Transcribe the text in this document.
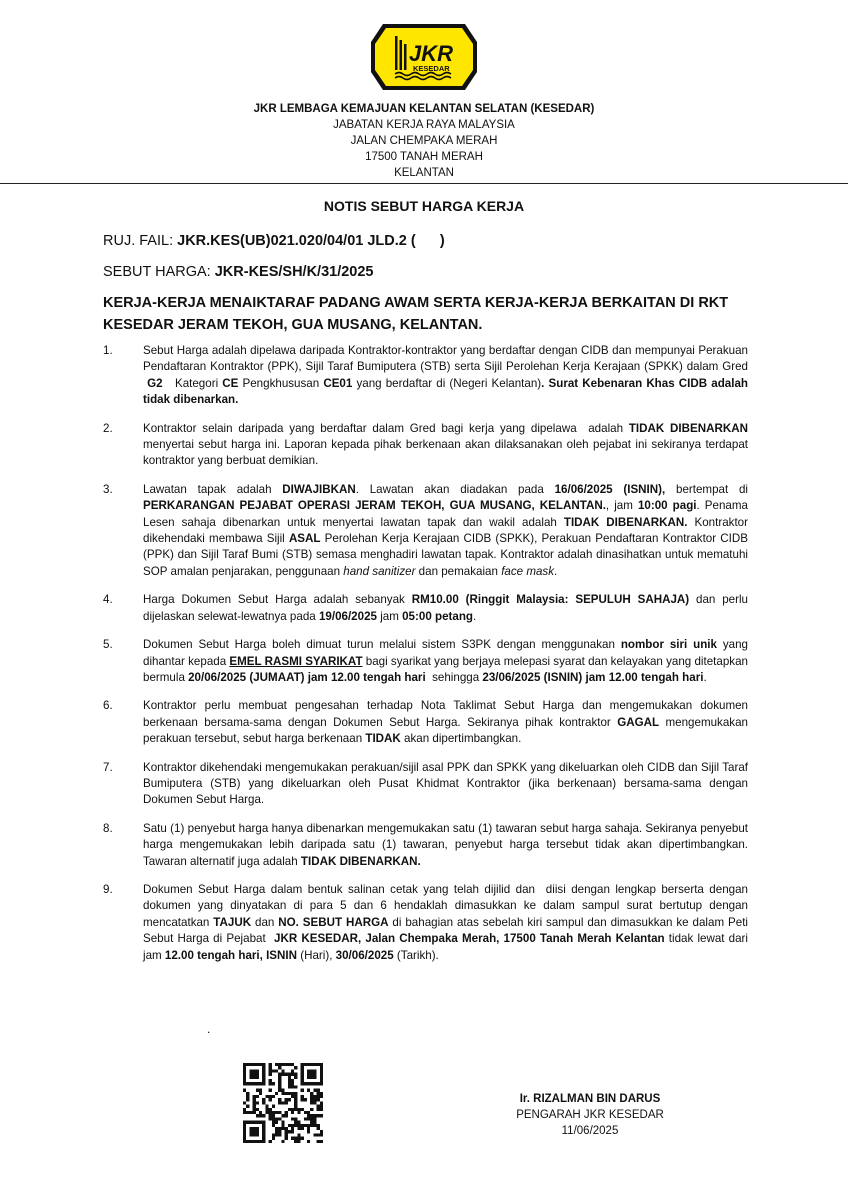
JKR
KESEDAR
JKR LEMBAGA KEMAJUAN KELANTAN SELATAN (KESEDAR)
JABATAN KERJA RAYA MALAYSIA
JALAN CHEMPAKA MERAH
17500 TANAH MERAH
KELANTAN
NOTIS SEBUT HARGA KERJA
RUJ. FAIL: JKR.KES(UB)021.020/04/01 JLD.2 (      )
SEBUT HARGA: JKR-KES/SH/K/31/2025
KERJA-KERJA MENAIKTARAF PADANG AWAM SERTA KERJA-KERJA BERKAITAN DI RKT KESEDAR JERAM TEKOH, GUA MUSANG, KELANTAN.
1.	Sebut Harga adalah dipelawa daripada Kontraktor-kontraktor yang berdaftar dengan CIDB dan mempunyai Perakuan Pendaftaran Kontraktor (PPK), Sijil Taraf Bumiputera (STB) serta Sijil Perolehan Kerja Kerajaan (SPKK) dalam Gred  G2   Kategori CE Pengkhususan CE01 yang berdaftar di (Negeri Kelantan). Surat Kebenaran Khas CIDB adalah tidak dibenarkan.
2.	Kontraktor selain daripada yang berdaftar dalam Gred bagi kerja yang dipelawa  adalah TIDAK DIBENARKAN menyertai sebut harga ini. Laporan kepada pihak berkenaan akan dilaksanakan oleh pejabat ini sekiranya terdapat kontraktor yang berbuat demikian.
3.	Lawatan tapak adalah DIWAJIBKAN. Lawatan akan diadakan pada 16/06/2025 (ISNIN), bertempat di PERKARANGAN PEJABAT OPERASI JERAM TEKOH, GUA MUSANG, KELANTAN., jam 10:00 pagi. Penama Lesen sahaja dibenarkan untuk menyertai lawatan tapak dan wakil adalah TIDAK DIBENARKAN. Kontraktor dikehendaki membawa Sijil ASAL Perolehan Kerja Kerajaan CIDB (SPKK), Perakuan Pendaftaran Kontraktor CIDB (PPK) dan Sijil Taraf Bumi (STB) semasa menghadiri lawatan tapak. Kontraktor adalah dinasihatkan untuk mematuhi SOP amalan penjarakan, penggunaan hand sanitizer dan pemakaian face mask.
4.	Harga Dokumen Sebut Harga adalah sebanyak RM10.00 (Ringgit Malaysia: SEPULUH SAHAJA) dan perlu dijelaskan selewat-lewatnya pada 19/06/2025 jam 05:00 petang.
5.	Dokumen Sebut Harga boleh dimuat turun melalui sistem S3PK dengan menggunakan nombor siri unik yang dihantar kepada EMEL RASMI SYARIKAT bagi syarikat yang berjaya melepasi syarat dan kelayakan yang ditetapkan bermula 20/06/2025 (JUMAAT) jam 12.00 tengah hari  sehingga 23/06/2025 (ISNIN) jam 12.00 tengah hari.
6.	Kontraktor perlu membuat pengesahan terhadap Nota Taklimat Sebut Harga dan mengemukakan dokumen berkenaan bersama-sama dengan Dokumen Sebut Harga. Sekiranya pihak kontraktor GAGAL mengemukakan perakuan tersebut, sebut harga berkenaan TIDAK akan dipertimbangkan.
7.	Kontraktor dikehendaki mengemukakan perakuan/sijil asal PPK dan SPKK yang dikeluarkan oleh CIDB dan Sijil Taraf Bumiputera (STB) yang dikeluarkan oleh Pusat Khidmat Kontraktor (jika berkenaan) bersama-sama dengan Dokumen Sebut Harga.
8.	Satu (1) penyebut harga hanya dibenarkan mengemukakan satu (1) tawaran sebut harga sahaja. Sekiranya penyebut harga mengemukakan lebih daripada satu (1) tawaran, penyebut harga tersebut tidak akan dipertimbangkan. Tawaran alternatif juga adalah TIDAK DIBENARKAN.
9.	Dokumen Sebut Harga dalam bentuk salinan cetak yang telah dijilid dan  diisi dengan lengkap berserta dengan dokumen yang dinyatakan di para 5 dan 6 hendaklah dimasukkan ke dalam sampul surat bertutup dengan mencatatkan TAJUK dan NO. SEBUT HARGA di bahagian atas sebelah kiri sampul dan dimasukkan ke dalam Peti Sebut Harga di Pejabat  JKR KESEDAR, Jalan Chempaka Merah, 17500 Tanah Merah Kelantan tidak lewat dari jam 12.00 tengah hari, ISNIN (Hari), 30/06/2025 (Tarikh).
.
Ir. RIZALMAN BIN DARUS
PENGARAH JKR KESEDAR
11/06/2025
